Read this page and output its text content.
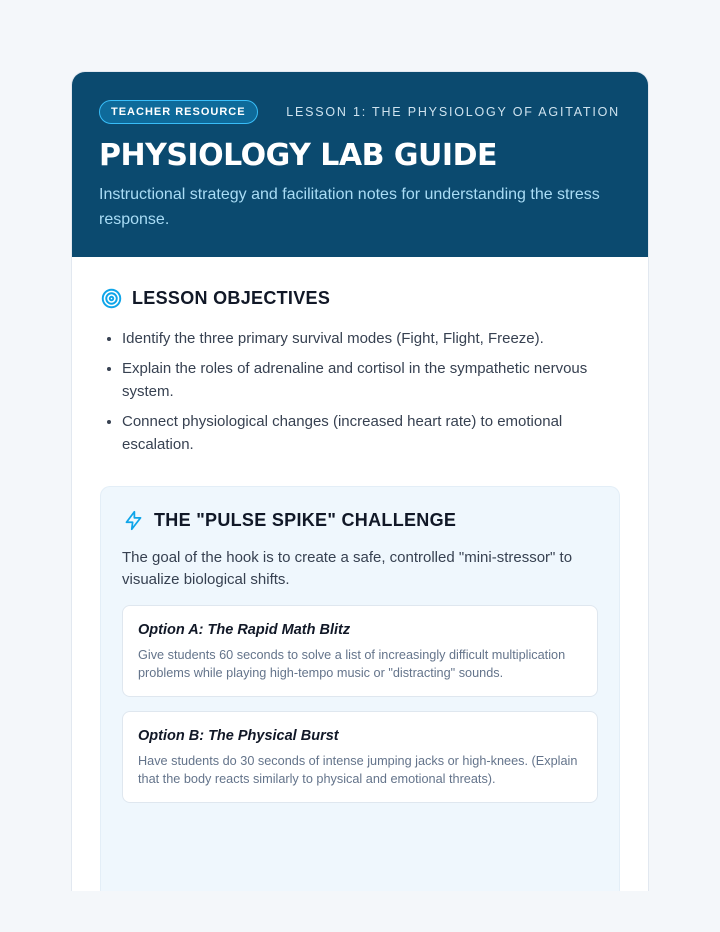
TEACHER RESOURCE	LESSON 1: THE PHYSIOLOGY OF AGITATION
PHYSIOLOGY LAB GUIDE

Instructional strategy and facilitation notes for understanding the stress response.

LESSON OBJECTIVES
• Identify the three primary survival modes (Fight, Flight, Freeze).
• Explain the roles of adrenaline and cortisol in the sympathetic nervous system.
• Connect physiological changes (increased heart rate) to emotional escalation.
THE "PULSE SPIKE" CHALLENGE

The goal of the hook is to create a safe, controlled "mini-stressor" to visualize biological shifts.

Option A: The Rapid Math Blitz

Give students 60 seconds to solve a list of increasingly difficult multiplication problems while playing high-tempo music or "distracting" sounds.

Option B: The Physical Burst

Have students do 30 seconds of intense jumping jacks or high-knees. (Explain that the body reacts similarly to physical and emotional threats).
